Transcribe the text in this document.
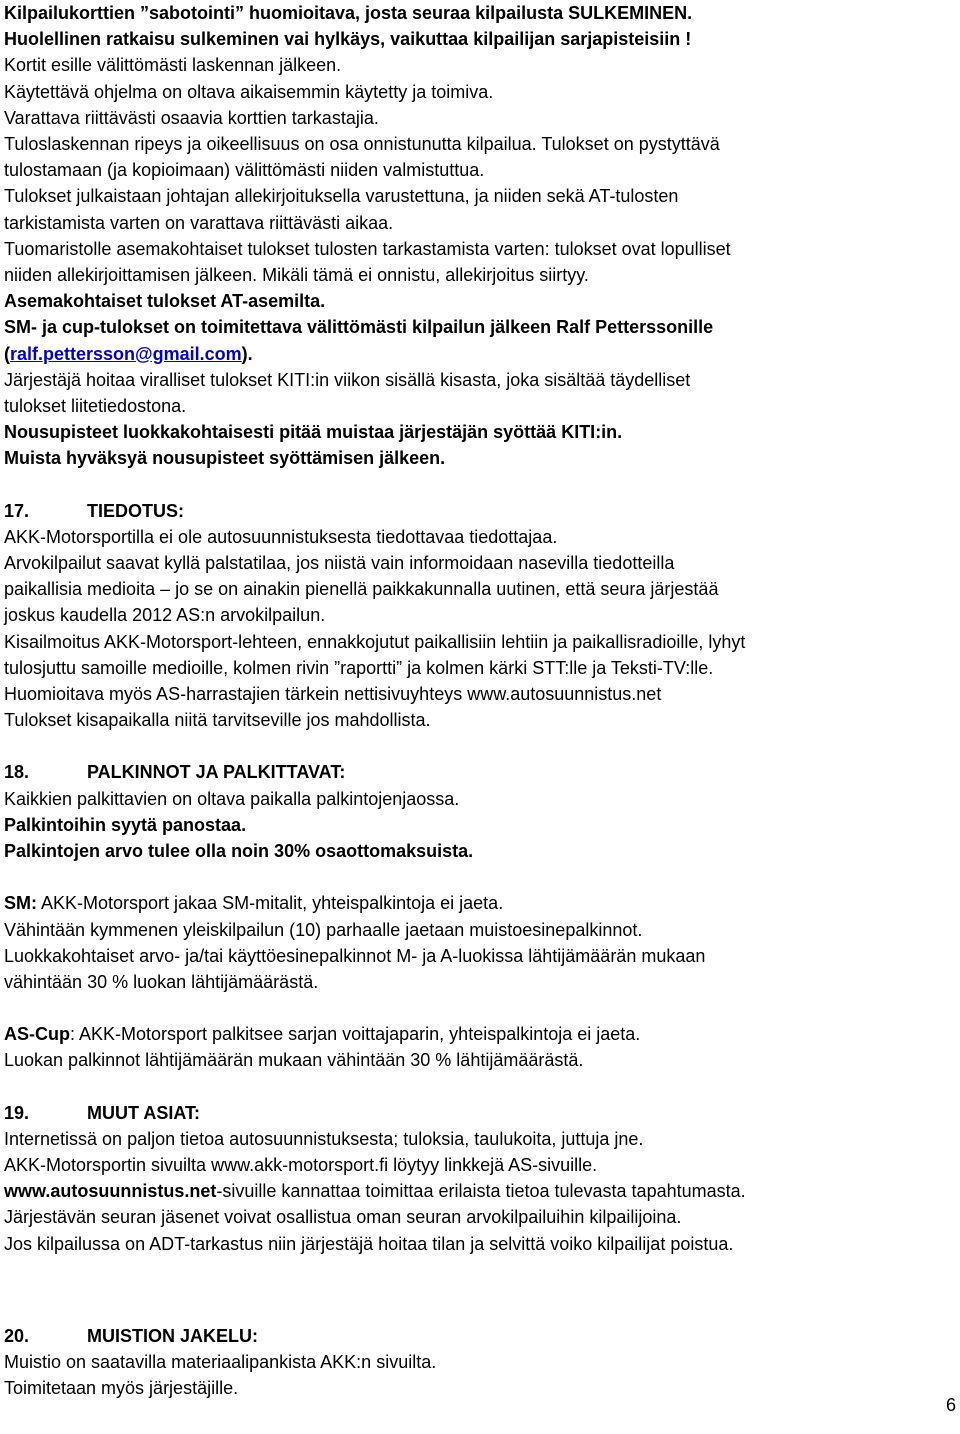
Kilpailukorttien ”sabotointi” huomioitava, josta seuraa kilpailusta SULKEMINEN.
Huolellinen ratkaisu sulkeminen vai hylkäys, vaikuttaa kilpailijan sarjapisteisiin !
Kortit esille välittömästi laskennan jälkeen.
Käytettävä ohjelma on oltava aikaisemmin käytetty ja toimiva.
Varattava riittävästi osaavia korttien tarkastajia.
Tuloslaskennan ripeys ja oikeellisuus on osa onnistunutta kilpailua. Tulokset on pystyttävä
tulostamaan (ja kopioimaan) välittömästi niiden valmistuttua.
Tulokset julkaistaan johtajan allekirjoituksella varustettuna, ja niiden sekä AT-tulosten
tarkistamista varten on varattava riittävästi aikaa.
Tuomaristolle asemakohtaiset tulokset tulosten tarkastamista varten: tulokset ovat lopulliset
niiden allekirjoittamisen jälkeen. Mikäli tämä ei onnistu, allekirjoitus siirtyy.
Asemakohtaiset tulokset AT-asemilta.
SM- ja cup-tulokset on toimitettava välittömästi kilpailun jälkeen Ralf Petterssonille
(ralf.pettersson@gmail.com).
Järjestäjä hoitaa viralliset tulokset KITI:in viikon sisällä kisasta, joka sisältää täydelliset
tulokset liitetiedostona.
Nousupisteet luokkakohtaisesti pitää muistaa järjestäjän syöttää KITI:in.
Muista hyväksyä nousupisteet syöttämisen jälkeen.
17.	TIEDOTUS:
AKK-Motorsportilla ei ole autosuunnistuksesta tiedottavaa tiedottajaa.
Arvokilpailut saavat kyllä palstatilaa, jos niistä vain informoidaan nasevilla tiedotteilla
paikallisia medioita – jo se on ainakin pienellä paikkakunnalla uutinen, että seura järjestää
joskus kaudella 2012 AS:n arvokilpailun.
Kisailmoitus AKK-Motorsport-lehteen, ennakkojutut paikallisiin lehtiin ja paikallisradioille, lyhyt
tulosjuttu samoille medioille, kolmen rivin ”raportti” ja kolmen kärki STT:lle ja Teksti-TV:lle.
Huomioitava myös AS-harrastajien tärkein nettisivuyhteys www.autosuunnistus.net
Tulokset kisapaikalla niitä tarvitseville jos mahdollista.
18.	PALKINNOT JA PALKITTAVAT:
Kaikkien palkittavien on oltava paikalla palkintojenjaossa.
Palkintoihin syytä panostaa.
Palkintojen arvo tulee olla noin 30% osaottomaksuista.
SM: AKK-Motorsport jakaa SM-mitalit, yhteispalkintoja ei jaeta.
Vähintään kymmenen yleiskilpailun (10) parhaalle jaetaan muistoesinepalkinnot.
Luokkakohtaiset arvo- ja/tai käyttöesinepalkinnot M- ja A-luokissa lähtijämäärän mukaan
vähintään 30 % luokan lähtijämäärästä.
AS-Cup: AKK-Motorsport palkitsee sarjan voittajaparin, yhteispalkintoja ei jaeta.
Luokan palkinnot lähtijämäärän mukaan vähintään 30 % lähtijämäärästä.
19.	MUUT ASIAT:
Internetissä on paljon tietoa autosuunnistuksesta; tuloksia, taulukoita, juttuja jne.
AKK-Motorsportin sivuilta www.akk-motorsport.fi löytyy linkkejä AS-sivuille.
www.autosuunnistus.net-sivuille kannattaa toimittaa erilaista tietoa tulevasta tapahtumasta.
Järjestävän seuran jäsenet voivat osallistua oman seuran arvokilpailuihin kilpailijoina.
Jos kilpailussa on ADT-tarkastus niin järjestäjä hoitaa tilan ja selvittä voiko kilpailijat poistua.
20.	MUISTION JAKELU:
Muistio on saatavilla materiaalipankista AKK:n sivuilta.
Toimitetaan myös järjestäjille.
6
